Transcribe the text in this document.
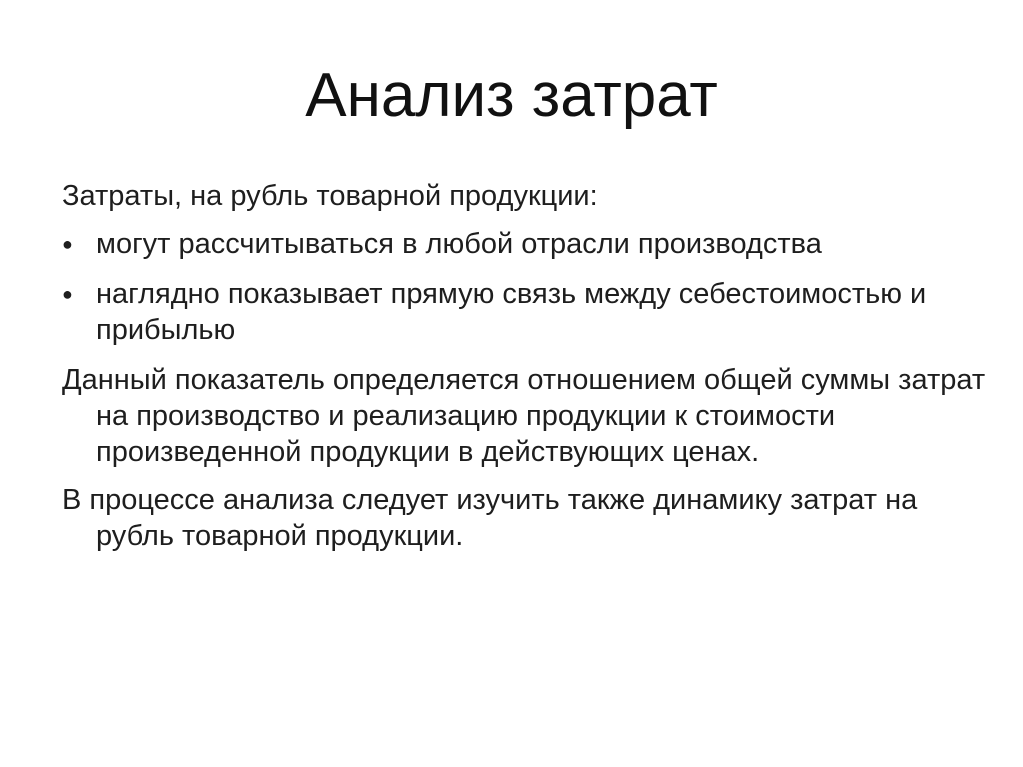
Анализ затрат

Затраты, на рубль товарной продукции:

● могут рассчитываться в любой отрасли производства
● наглядно показывает прямую связь между себестоимостью и прибылью

Данный показатель определяется отношением общей суммы затрат на производство и реализацию продукции к стоимости произведенной продукции в действующих ценах.

В процессе анализа следует изучить также динамику затрат на рубль товарной продукции.
